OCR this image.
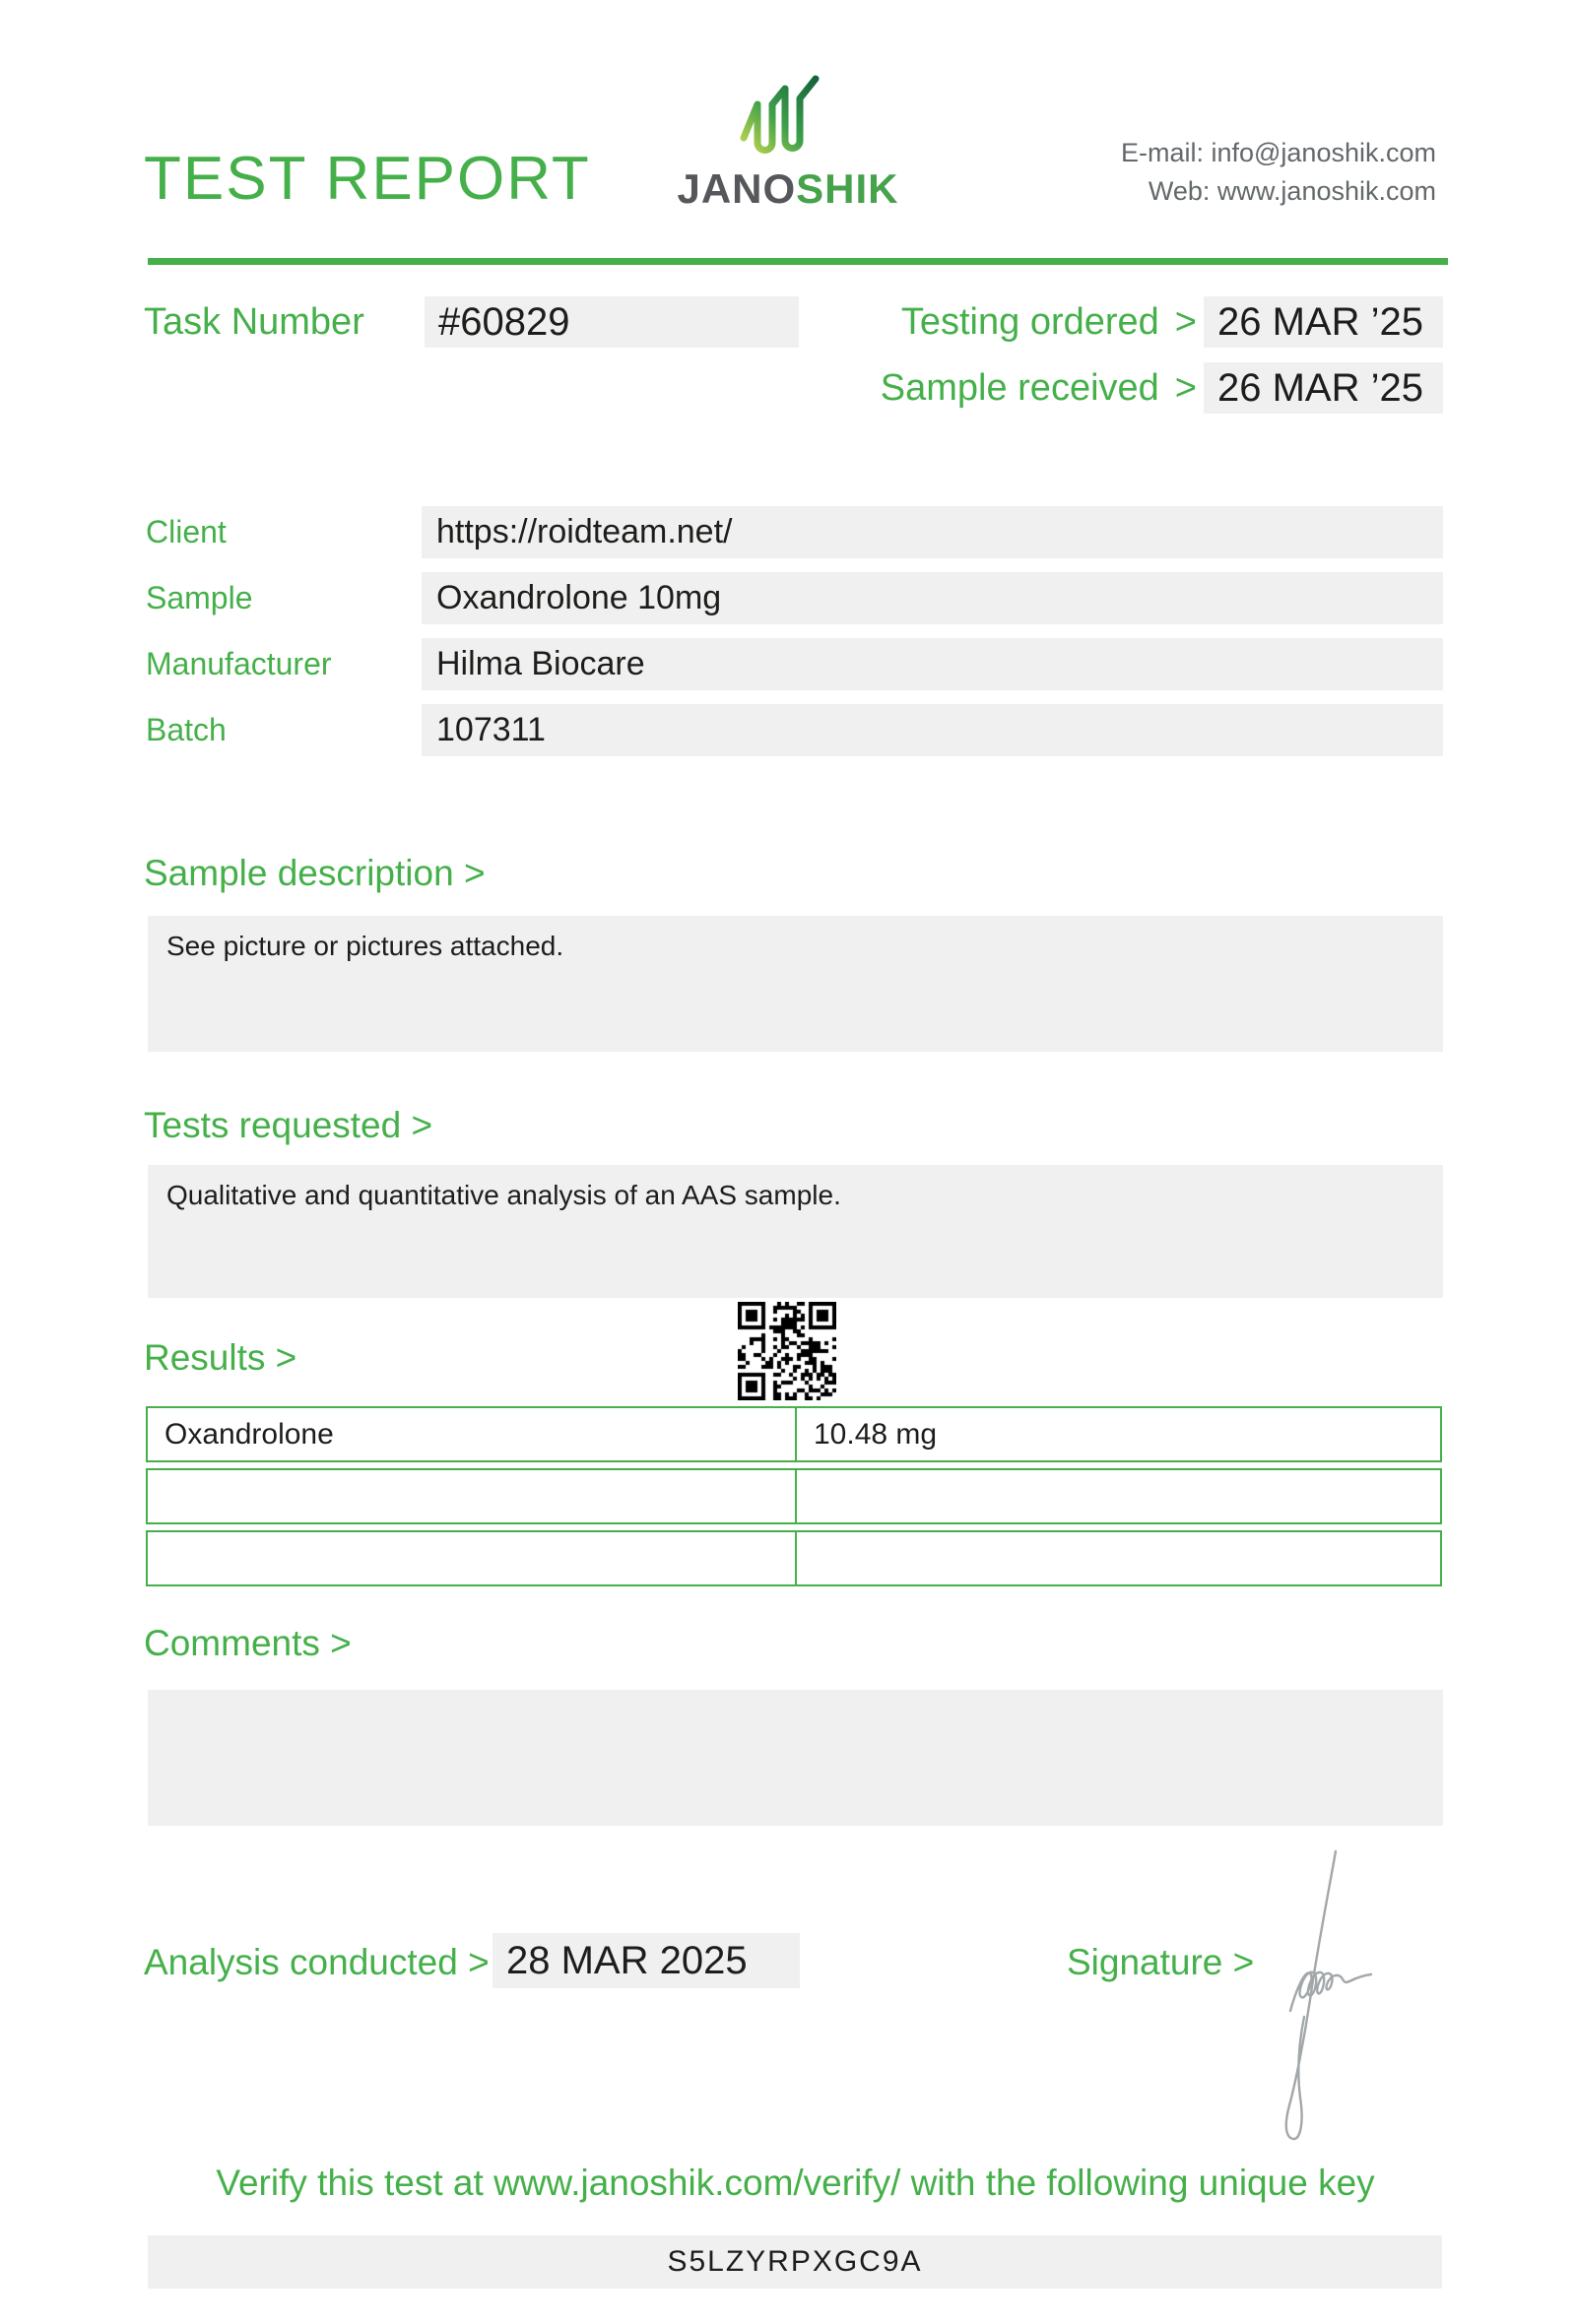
TEST REPORT JANOSHIK
E-mail: info@janoshik.com
Web: www.janoshik.com
Task Number	#60829	Testing ordered > 26 MAR ’25
Sample received > 26 MAR ’25
Client	https://roidteam.net/
Sample	Oxandrolone 10mg
Manufacturer	Hilma Biocare
Batch	107311
Sample description >
See picture or pictures attached.
Tests requested >
Qualitative and quantitative analysis of an AAS sample.
Results >
Oxandrolone	10.48 mg
Comments >
Analysis conducted > 28 MAR 2025	Signature >
Verify this test at www.janoshik.com/verify/ with the following unique key
S5LZYRPXGC9A
